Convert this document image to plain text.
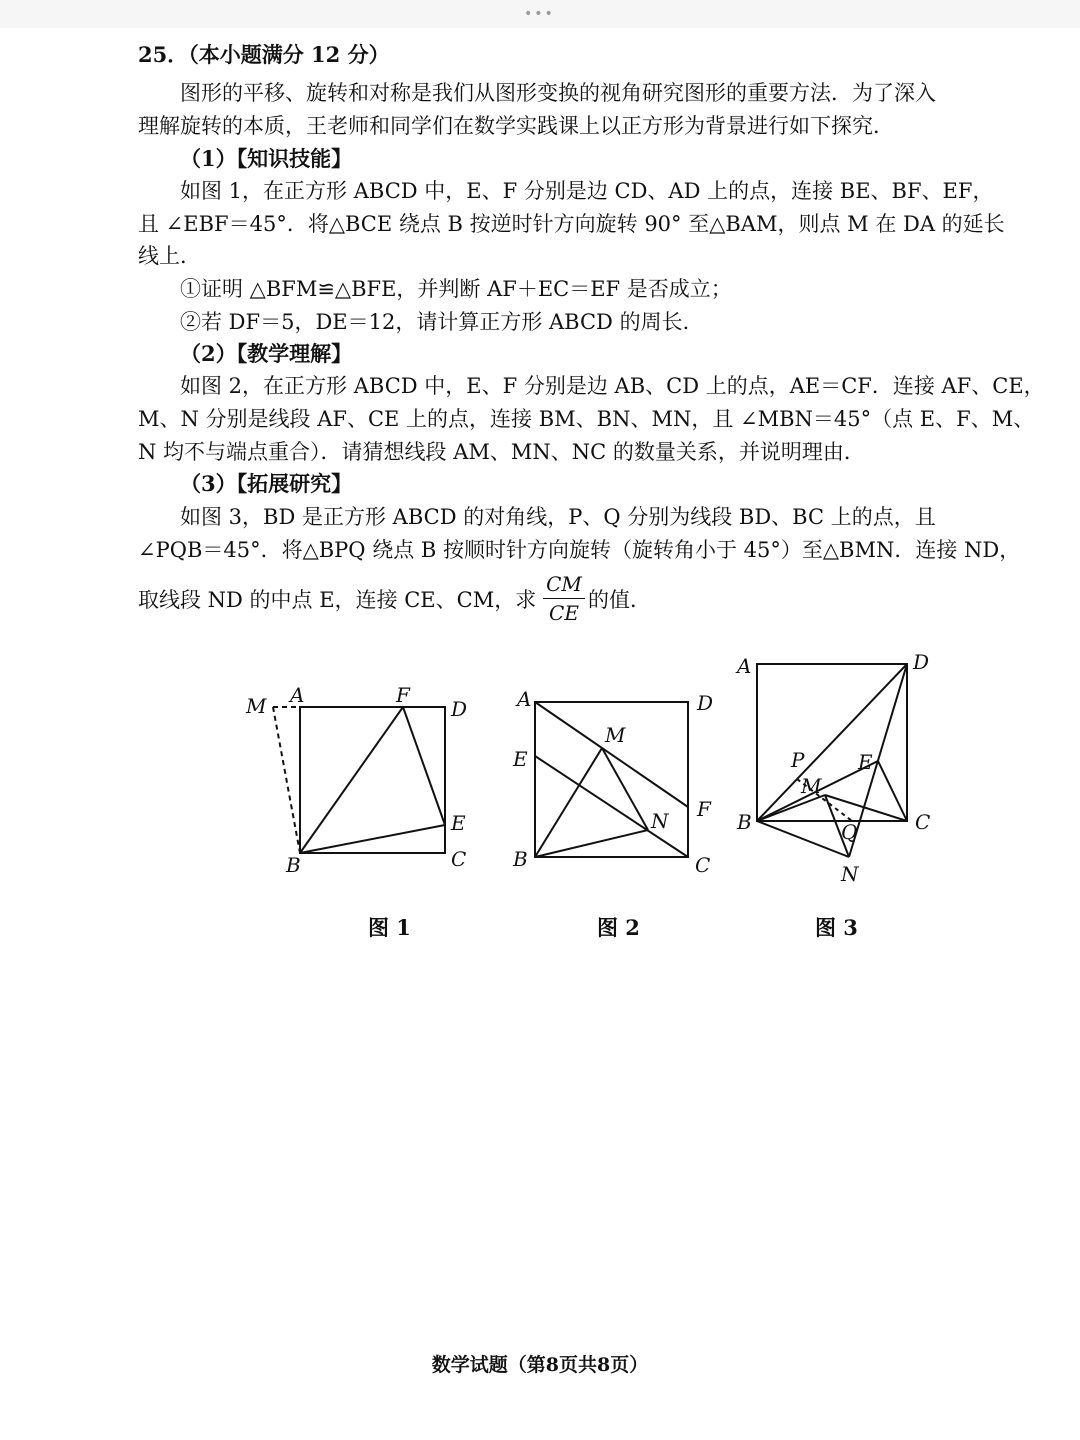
•••
25．（本小题满分 12 分）
图形的平移、旋转和对称是我们从图形变换的视角研究图形的重要方法．为了深入
理解旋转的本质，王老师和同学们在数学实践课上以正方形为背景进行如下探究．
（1）【知识技能】
如图 1，在正方形 ABCD 中，E、F 分别是边 CD、AD 上的点，连接 BE、BF、EF，
且 ∠EBF＝45°．将△BCE 绕点 B 按逆时针方向旋转 90° 至△BAM，则点 M 在 DA 的延长
线上．
①证明 △BFM≌△BFE，并判断 AF＋EC＝EF 是否成立；
②若 DF＝5，DE＝12，请计算正方形 ABCD 的周长．
（2）【教学理解】
如图 2，在正方形 ABCD 中，E、F 分别是边 AB、CD 上的点，AE＝CF．连接 AF、CE，
M、N 分别是线段 AF、CE 上的点，连接 BM、BN、MN，且 ∠MBN＝45°（点 E、F、M、
N 均不与端点重合）．请猜想线段 AM、MN、NC 的数量关系，并说明理由．
（3）【拓展研究】
如图 3，BD 是正方形 ABCD 的对角线，P、Q 分别为线段 BD、BC 上的点，且
∠PQB＝45°．将△BPQ 绕点 B 按顺时针方向旋转（旋转角小于 45°）至△BMN．连接 ND，
取线段 ND 的中点 E，连接 CE、CM，求
CM
CE
的值．
M A	F
D
E
B	C
A	D
M
E
F
N
B	C
A	D
P	E
M
B	C
Q
N
图 1	图 2	图 3
数学试题（第8页共8页）
